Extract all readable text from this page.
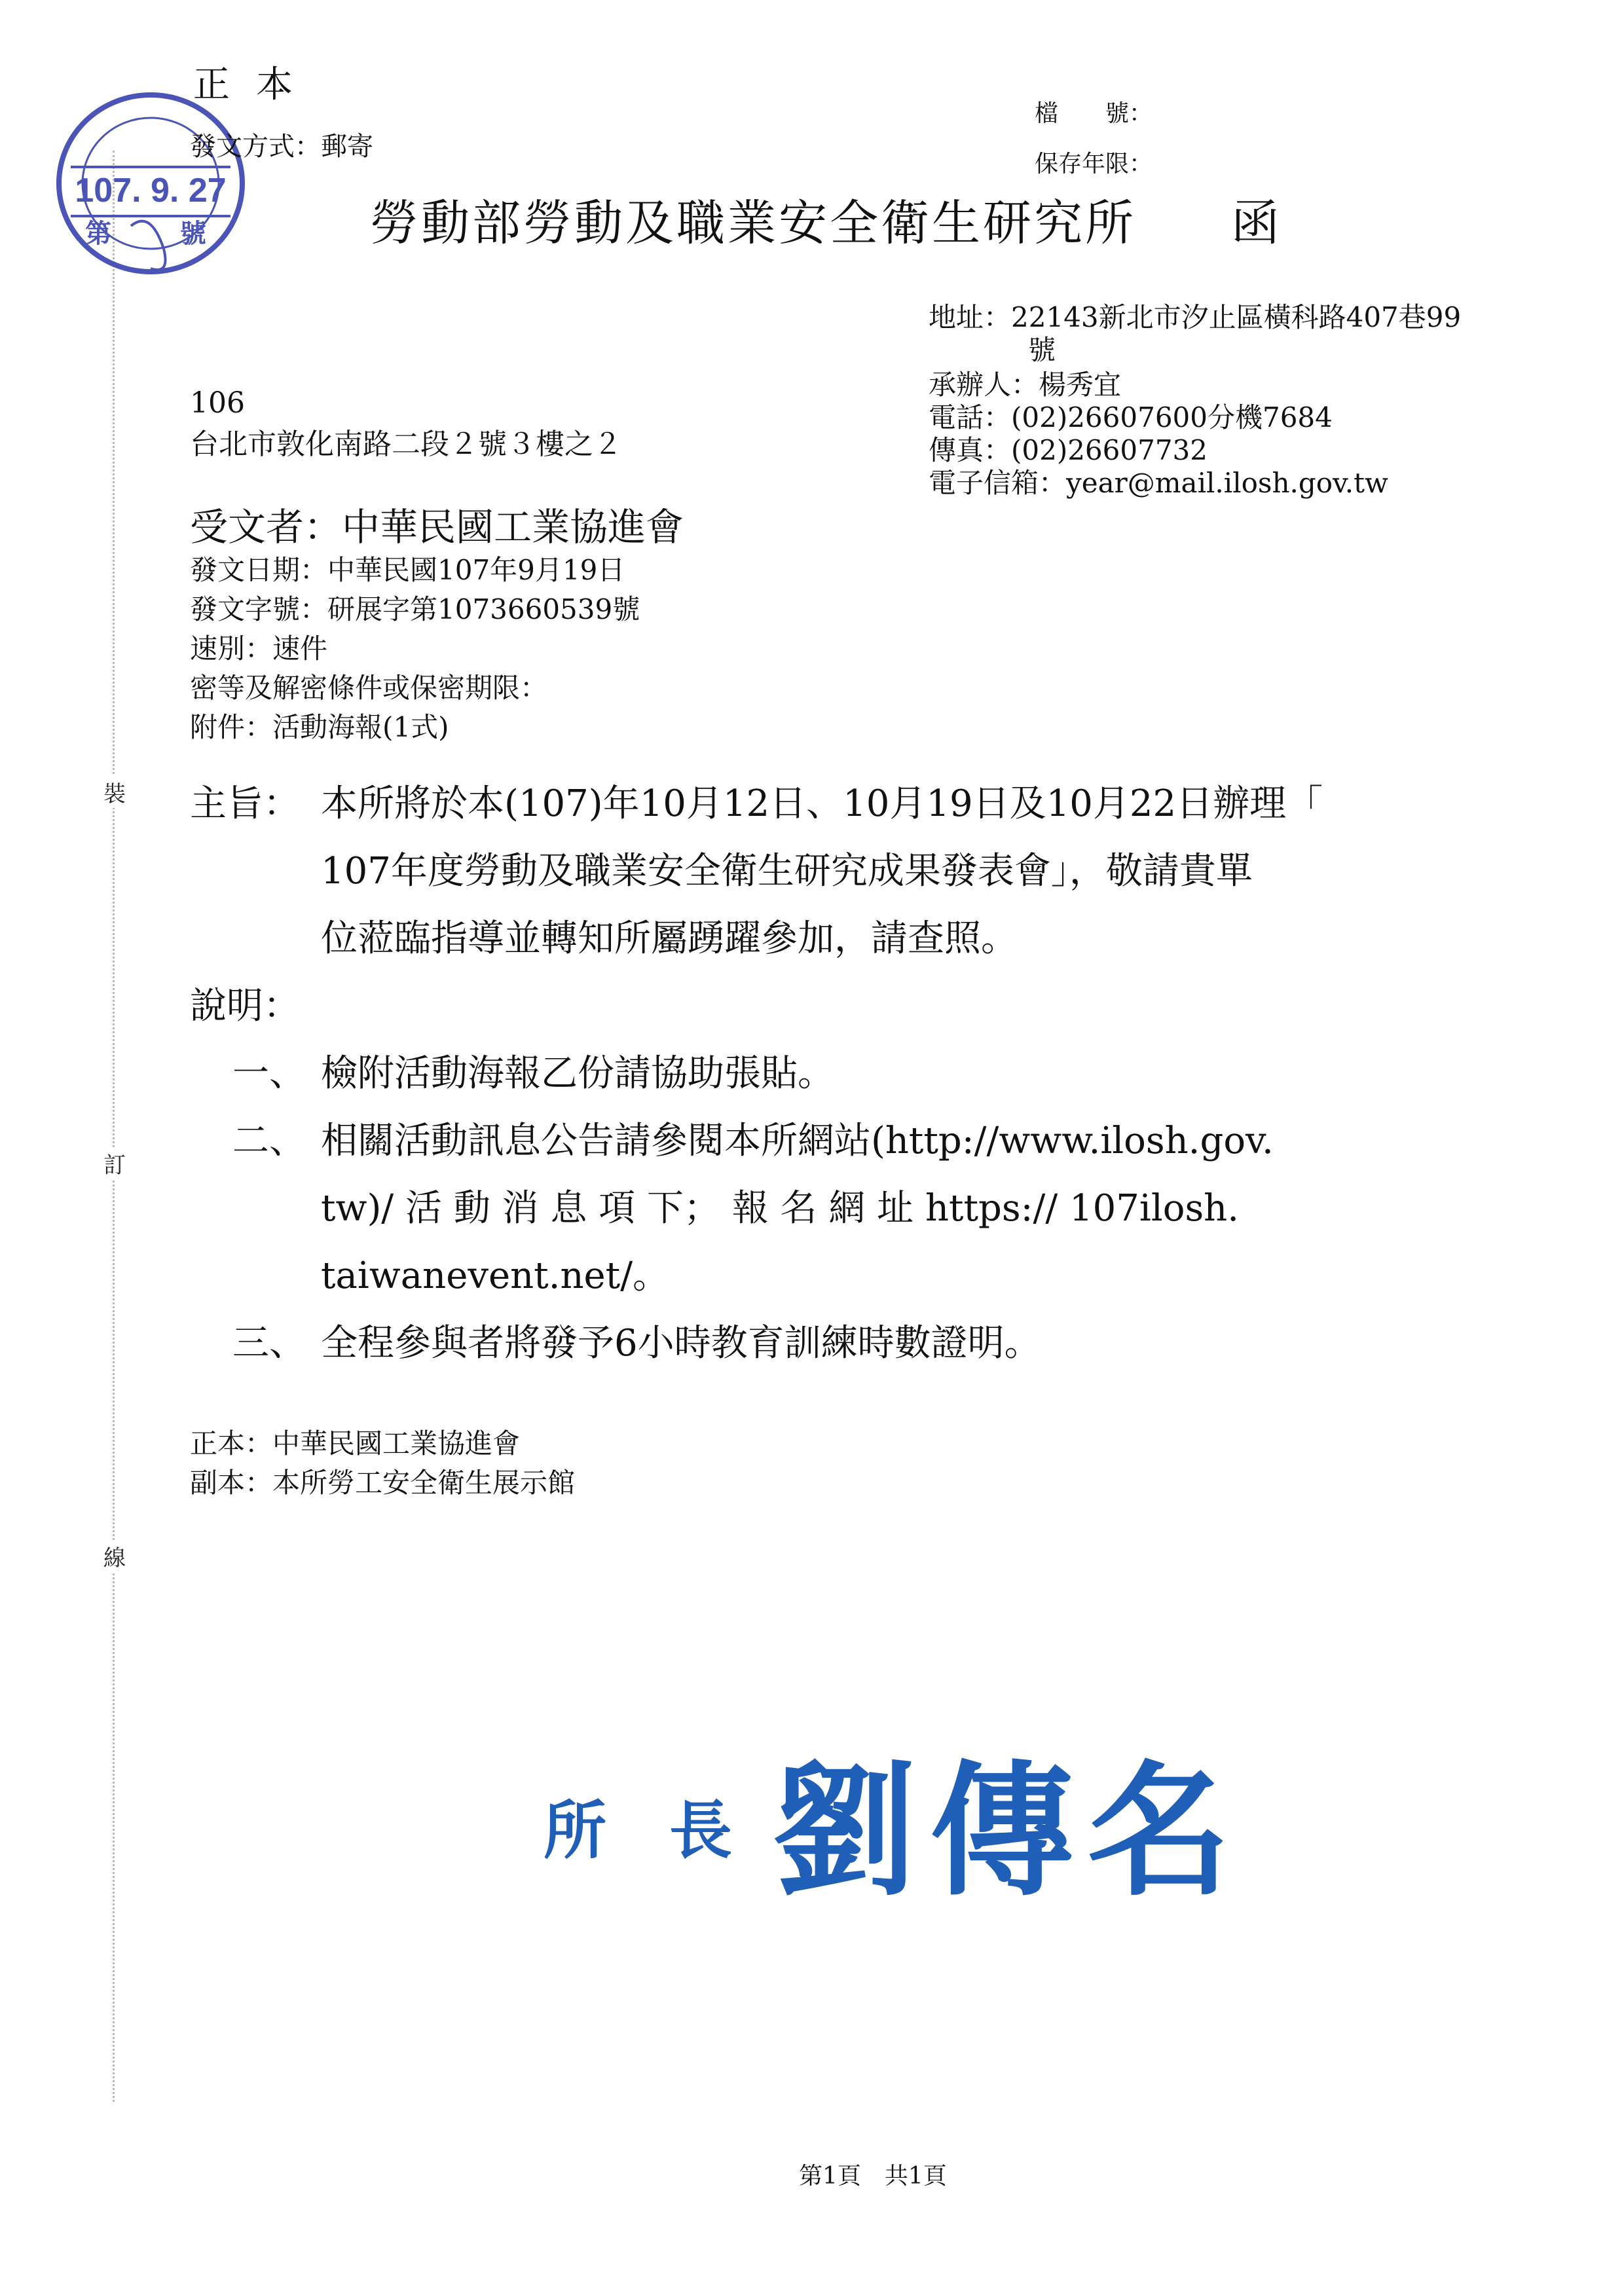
裝
訂
線
107. 9. 27
第	號
正本
發文方式：郵寄
檔　　號：
保存年限：
勞動部勞動及職業安全衛生研究所 函
地址：22143新北市汐止區橫科路407巷99
號
承辦人：楊秀宜
電話：(02)26607600分機7684
傳真：(02)26607732
電子信箱：year@mail.ilosh.gov.tw
106
台北市敦化南路二段２號３樓之２
受文者：中華民國工業協進會
發文日期：中華民國107年9月19日
發文字號：研展字第1073660539號
速別：速件
密等及解密條件或保密期限：
附件：活動海報(1式)
主旨： 本所將於本(107)年10月12日、10月19日及10月22日辦理「
107年度勞動及職業安全衛生研究成果發表會」，敬請貴單
位蒞臨指導並轉知所屬踴躍參加，請查照。
說明：
一、 檢附活動海報乙份請協助張貼。
二、 相關活動訊息公告請參閱本所網站(http://www.ilosh.gov.
tw)/ 活 動 消 息 項 下； 報 名 網 址 https:// 107ilosh.
taiwanevent.net/。
三、 全程參與者將發予6小時教育訓練時數證明。
正本：中華民國工業協進會
副本：本所勞工安全衛生展示館
所　長 劉傳名
第1頁　共1頁
